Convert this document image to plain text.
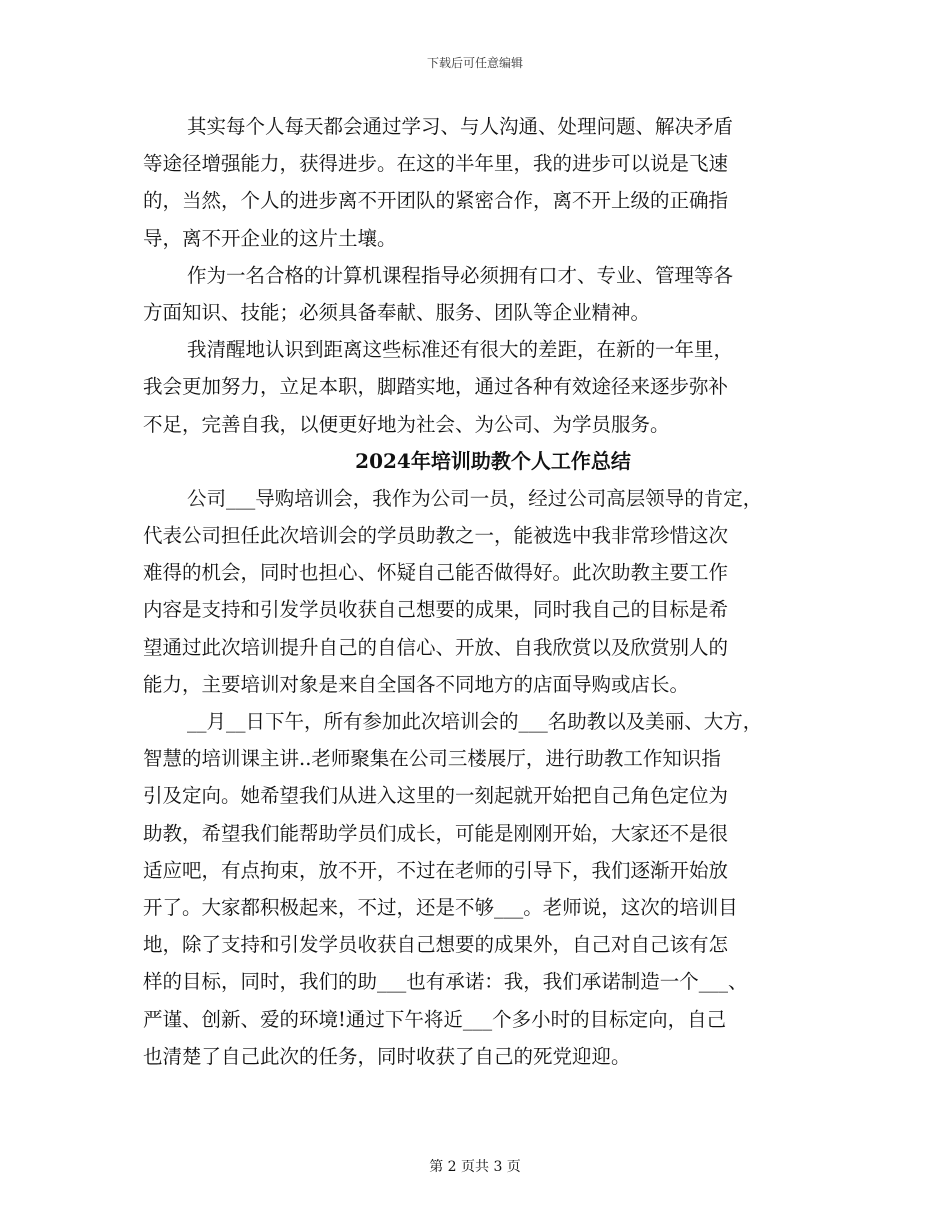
下载后可任意编辑
其实每个人每天都会通过学习、与人沟通、处理问题、解决矛盾
等途径增强能力，获得进步。在这的半年里，我的进步可以说是飞速
的，当然，个人的进步离不开团队的紧密合作，离不开上级的正确指
导，离不开企业的这片土壤。
作为一名合格的计算机课程指导必须拥有口才、专业、管理等各
方面知识、技能；必须具备奉献、服务、团队等企业精神。
我清醒地认识到距离这些标准还有很大的差距，在新的一年里，
我会更加努力，立足本职，脚踏实地，通过各种有效途径来逐步弥补
不足，完善自我，以便更好地为社会、为公司、为学员服务。
2024年培训助教个人工作总结
公司___导购培训会，我作为公司一员，经过公司高层领导的肯定，
代表公司担任此次培训会的学员助教之一，能被选中我非常珍惜这次
难得的机会，同时也担心、怀疑自己能否做得好。此次助教主要工作
内容是支持和引发学员收获自己想要的成果，同时我自己的目标是希
望通过此次培训提升自己的自信心、开放、自我欣赏以及欣赏别人的
能力，主要培训对象是来自全国各不同地方的店面导购或店长。
__月__日下午，所有参加此次培训会的___名助教以及美丽、大方，
智慧的培训课主讲..老师聚集在公司三楼展厅，进行助教工作知识指
引及定向。她希望我们从进入这里的一刻起就开始把自己角色定位为
助教，希望我们能帮助学员们成长，可能是刚刚开始，大家还不是很
适应吧，有点拘束，放不开，不过在老师的引导下，我们逐渐开始放
开了。大家都积极起来，不过，还是不够___。老师说，这次的培训目
地，除了支持和引发学员收获自己想要的成果外，自己对自己该有怎
样的目标，同时，我们的助___也有承诺：我，我们承诺制造一个___、
严谨、创新、爱的环境!通过下午将近___个多小时的目标定向，自己
也清楚了自己此次的任务，同时收获了自己的死党迎迎。
第 2 页共 3 页
